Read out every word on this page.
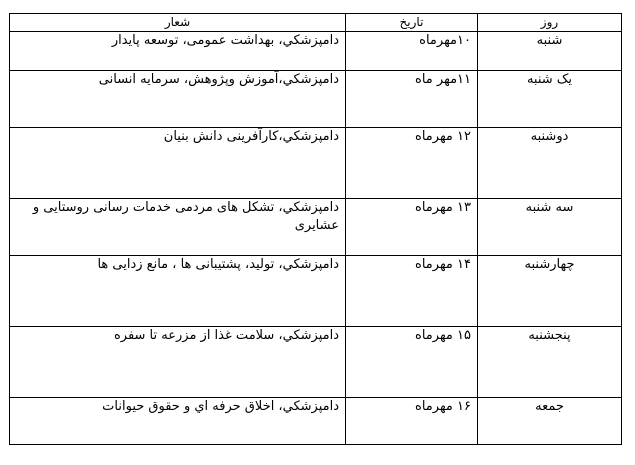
روز	تاریخ	شعار
شنبه	۱۰مهرماه	دامپزشکي، بهداشت عمومی، توسعه پایدار
یک شنبه	۱۱مهر ماه	دامپزشکي،آموزش وپژوهش، سرمایه انسانی
دوشنبه	۱۲ مهرماه	دامپزشکي،کارآفرینی دانش بنیان
سه شنبه	۱۳ مهرماه	دامپزشکي، تشکل های مردمی خدمات رسانی روستایی و عشایری
چهارشنبه	۱۴ مهرماه	دامپزشکي، تولید، پشتیبانی ها ، مانع زدایی ها
پنجشنبه	۱۵ مهرماه	دامپزشکي، سلامت غذا از مزرعه تا سفره
جمعه	۱۶ مهرماه	دامپزشکي، اخلاق حرفه اي و حقوق حیوانات
